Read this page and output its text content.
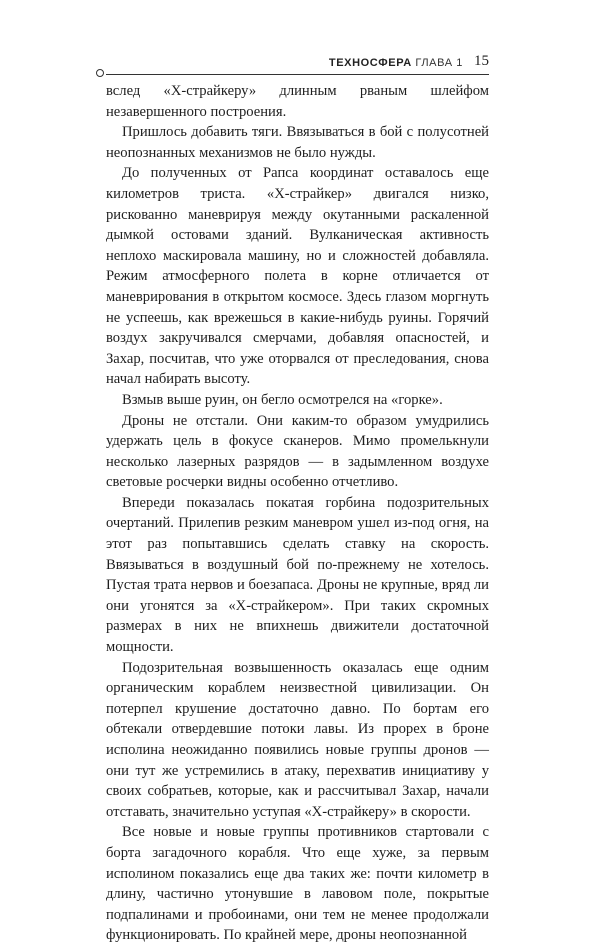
ТЕХНОСФЕРА ГЛАВА 1 15

вслед «Х-страйкеру» длинным рваным шлейфом незавершенного построения.

Пришлось добавить тяги. Ввязываться в бой с полусотней неопознанных механизмов не было нужды.

До полученных от Рапса координат оставалось еще километров триста. «Х-страйкер» двигался низко, рискованно маневрируя между окутанными раскаленной дымкой остовами зданий. Вулканическая активность неплохо маскировала машину, но и сложностей добавляла. Режим атмосферного полета в корне отличается от маневрирования в открытом космосе. Здесь глазом моргнуть не успеешь, как врежешься в какие-нибудь руины. Горячий воздух закручивался смерчами, добавляя опасностей, и Захар, посчитав, что уже оторвался от преследования, снова начал набирать высоту.

Взмыв выше руин, он бегло осмотрелся на «горке».

Дроны не отстали. Они каким-то образом умудрились удержать цель в фокусе сканеров. Мимо промелькнули несколько лазерных разрядов — в задымленном воздухе световые росчерки видны особенно отчетливо.

Впереди показалась покатая горбина подозрительных очертаний. Прилепив резким маневром ушел из-под огня, на этот раз попытавшись сделать ставку на скорость. Ввязываться в воздушный бой по-прежнему не хотелось. Пустая трата нервов и боезапаса. Дроны не крупные, вряд ли они угонятся за «Х-страйкером». При таких скромных размерах в них не впихнешь движители достаточной мощности.

Подозрительная возвышенность оказалась еще одним органическим кораблем неизвестной цивилизации. Он потерпел крушение достаточно давно. По бортам его обтекали отвердевшие потоки лавы. Из прорех в броне исполина неожиданно появились новые группы дронов — они тут же устремились в атаку, перехватив инициативу у своих собратьев, которые, как и рассчитывал Захар, начали отставать, значительно уступая «Х-страйкеру» в скорости.

Все новые и новые группы противников стартовали с борта загадочного корабля. Что еще хуже, за первым исполином показались еще два таких же: почти километр в длину, частично утонувшие в лавовом поле, покрытые подпалинами и пробоинами, они тем не менее продолжали функционировать. По крайней мере, дроны неопознанной
